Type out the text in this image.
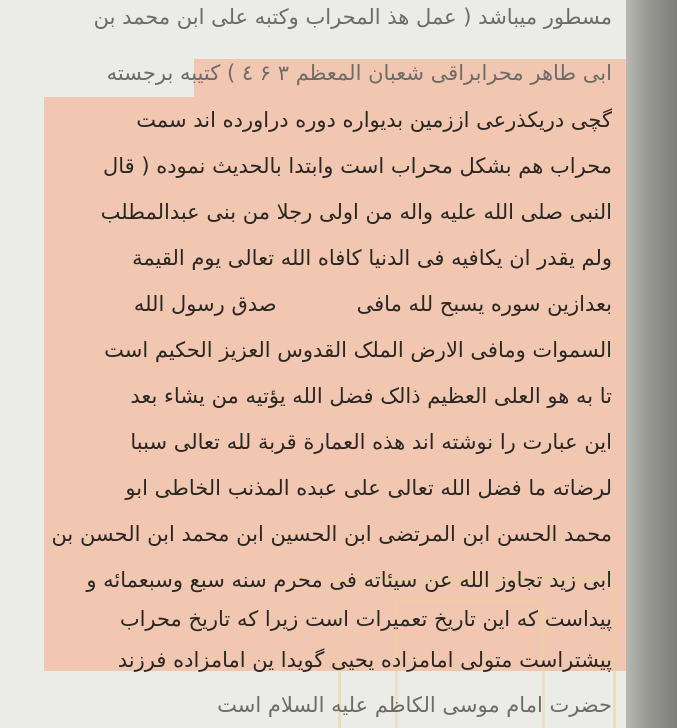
مسطور میباشد ( عمل هذ المحراب وکتبه علی ابن محمد بن
ابی طاهر محرابراقی شعبان المعظم ۳ ۶ ٤ ) کتیبه برجسته
گچی دریکذرعی اززمین بدیواره دوره دراورده اند سمت
محراب هم بشکل محراب است وابتدا بالحدیث نموده ( قال
النبی صلی الله علیه واله من اولی رجلا من بنی عبدالمطلب
ولم یقدر ان یکافیه فی الدنیا کافاه الله تعالی یوم القیمة
بعدازین سوره یسبح لله مافیصدق رسول الله
السموات ومافی الارض الملک القدوس العزیز الحکیم است
تا به هو العلی العظیم ذالک فضل الله یؤتیه من یشاء بعد
این عبارت را نوشته اند هذه العمارة قربة لله تعالی سببا
لرضاته ما فضل الله تعالی علی عبده المذنب الخاطی ابو
محمد الحسن ابن المرتضی ابن الحسین ابن محمد ابن الحسن بن
ابی زید تجاوز الله عن سیئاته فی محرم سنه سبع وسبعمائه و
پیداست که این تاریخ تعمیرات است زیرا که تاریخ محراب
پیشتراست متولی امامزاده یحیی گویدا ین امامزاده فرزند
حضرت امام موسی الکاظم علیه السلام است
